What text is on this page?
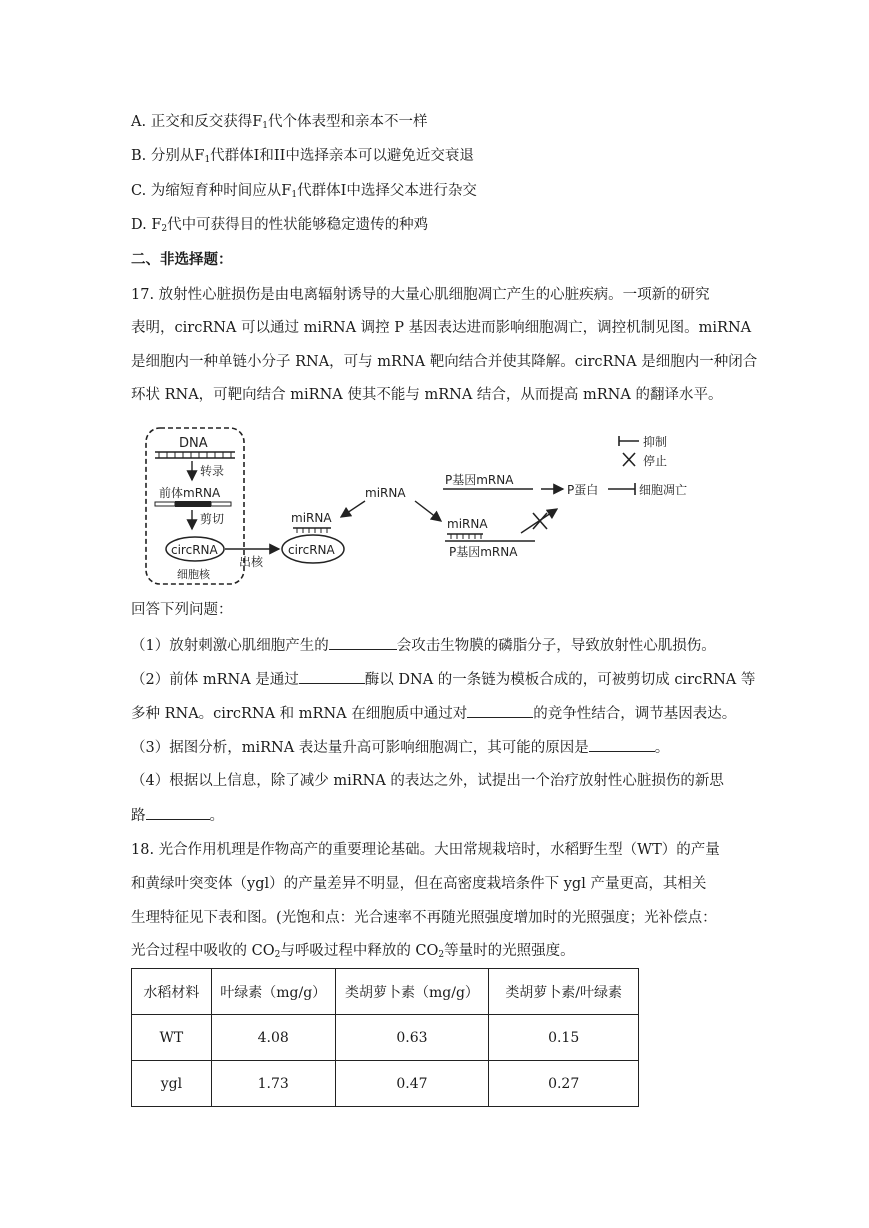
A. 正交和反交获得$F_1$代个体表型和亲本不一样
B. 分别从$F_1$代群体Ⅰ和II中选择亲本可以避免近交衰退
C. 为缩短育种时间应从$F_1$代群体Ⅰ中选择父本进行杂交
D. $F_2$代中可获得目的性状能够稳定遗传的种鸡
二、非选择题：
17. 放射性心脏损伤是由电离辐射诱导的大量心肌细胞凋亡产生的心脏疾病。一项新的研究
表明，circRNA 可以通过 miRNA 调控 P 基因表达进而影响细胞凋亡，调控机制见图。miRNA
是细胞内一种单链小分子 RNA，可与 mRNA 靶向结合并使其降解。circRNA 是细胞内一种闭合
环状 RNA，可靶向结合 miRNA 使其不能与 mRNA 结合，从而提高 mRNA 的翻译水平。
DNA
转录
前体mRNA
剪切
circRNA
细胞核
出核
miRNA
circRNA
miRNA
P基因mRNA
P蛋白	细胞凋亡
miRNA
P基因mRNA
抑制
停止
回答下列问题：
（1）放射刺激心肌细胞产生的	会攻击生物膜的磷脂分子，导致放射性心肌损伤。
（2）前体 mRNA 是通过	酶以 DNA 的一条链为模板合成的，可被剪切成 circRNA 等
多种 RNA。circRNA 和 mRNA 在细胞质中通过对	的竞争性结合，调节基因表达。
（3）据图分析，miRNA 表达量升高可影响细胞凋亡，其可能的原因是	。
（4）根据以上信息，除了减少 miRNA 的表达之外，试提出一个治疗放射性心脏损伤的新思
路	。
18. 光合作用机理是作物高产的重要理论基础。大田常规栽培时，水稻野生型（WT）的产量
和黄绿叶突变体（ygl）的产量差异不明显，但在高密度栽培条件下 ygl 产量更高，其相关
生理特征见下表和图。(光饱和点：光合速率不再随光照强度增加时的光照强度；光补偿点：
光合过程中吸收的 $CO_2$与呼吸过程中释放的 $CO_2$等量时的光照强度。
水稻材料	叶绿素（mg/g）	类胡萝卜素（mg/g）	类胡萝卜素/叶绿素
WT	4.08	0.63	0.15
ygl	1.73	0.47	0.27
